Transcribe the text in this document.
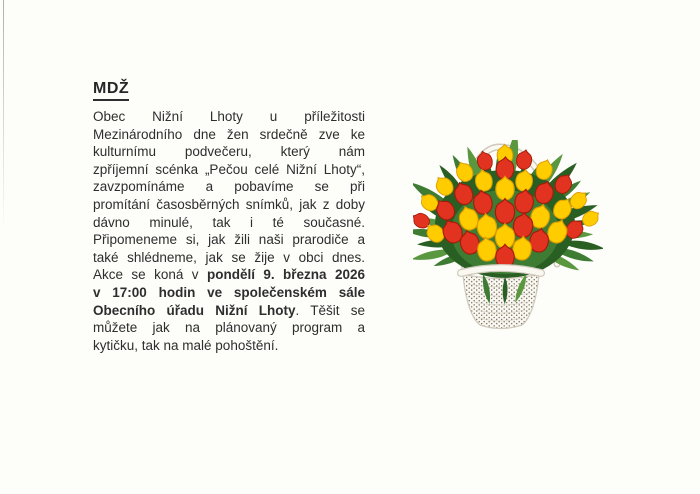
MDŽ
Obec Nižní Lhoty u příležitosti
Mezinárodního dne žen srdečně zve ke
kulturnímu podvečeru, který nám
zpříjemní scénka „Pečou celé Nižní Lhoty“,
zavzpomínáme a pobavíme se při
promítání časosběrných snímků, jak z doby
dávno minulé, tak i té současné.
Připomeneme si, jak žili naši prarodiče a
také shlédneme, jak se žije v obci dnes.
Akce se koná v pondělí 9. března 2026
v 17:00 hodin ve společenském sále
Obecního úřadu Nižní Lhoty. Těšit se
můžete jak na plánovaný program a
kytičku, tak na malé pohoštění.
